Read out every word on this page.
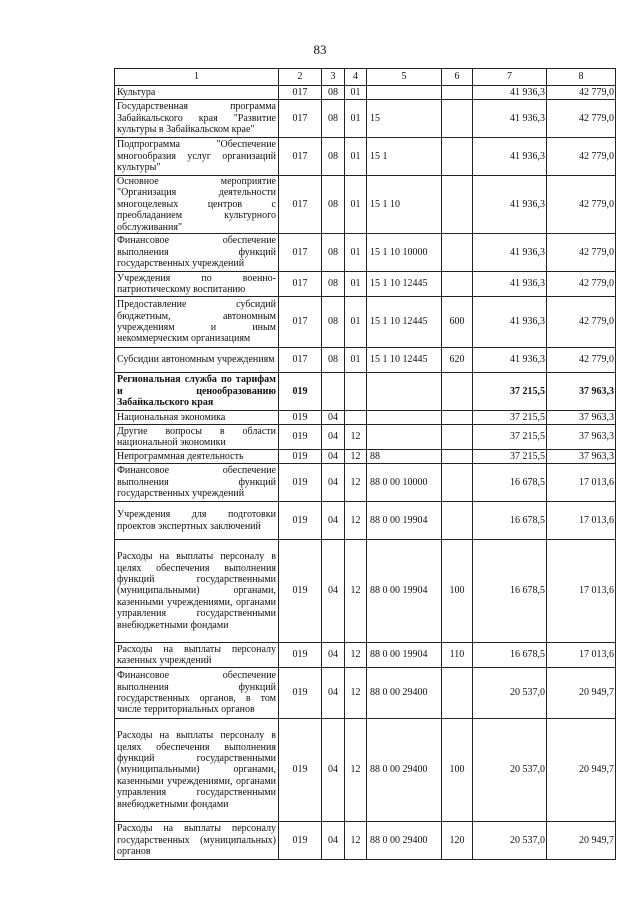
83
1	2	3	4	5	6	7	8
Культура	017	08	01			41 936,3	42 779,0
Государственная программа Забайкальского края "Развитие культуры в Забайкальском крае"	017	08	01	15		41 936,3	42 779,0
Подпрограмма "Обеспечение многообразия услуг организаций культуры"	017	08	01	15 1		41 936,3	42 779,0
Основное мероприятие "Организация деятельности многоцелевых центров с преобладанием культурного обслуживания"	017	08	01	15 1 10		41 936,3	42 779,0
Финансовое обеспечение выполнения функций государственных учреждений	017	08	01	15 1 10 10000		41 936,3	42 779,0
Учреждения по военно-патриотическому воспитанию	017	08	01	15 1 10 12445		41 936,3	42 779,0
Предоставление субсидий бюджетным, автономным учреждениям и иным некоммерческим организациям	017	08	01	15 1 10 12445	600	41 936,3	42 779,0
Субсидии автономным учреждениям	017	08	01	15 1 10 12445	620	41 936,3	42 779,0
Региональная служба по тарифам и ценообразованию Забайкальского края	019					37 215,5	37 963,3
Национальная экономика	019	04				37 215,5	37 963,3
Другие вопросы в области национальной экономики	019	04	12			37 215,5	37 963,3
Непрограммная деятельность	019	04	12	88		37 215,5	37 963,3
Финансовое обеспечение выполнения функций государственных учреждений	019	04	12	88 0 00 10000		16 678,5	17 013,6
Учреждения для подготовки проектов экспертных заключений	019	04	12	88 0 00 19904		16 678,5	17 013,6
Расходы на выплаты персоналу в целях обеспечения выполнения функций государственными (муниципальными) органами, казенными учреждениями, органами управления государственными внебюджетными фондами	019	04	12	88 0 00 19904	100	16 678,5	17 013,6
Расходы на выплаты персоналу казенных учреждений	019	04	12	88 0 00 19904	110	16 678,5	17 013,6
Финансовое обеспечение выполнения функций государственных органов, в том числе территориальных органов	019	04	12	88 0 00 29400		20 537,0	20 949,7
Расходы на выплаты персоналу в целях обеспечения выполнения функций государственными (муниципальными) органами, казенными учреждениями, органами управления государственными внебюджетными фондами	019	04	12	88 0 00 29400	100	20 537,0	20 949,7
Расходы на выплаты персоналу государственных (муниципальных) органов	019	04	12	88 0 00 29400	120	20 537,0	20 949,7
